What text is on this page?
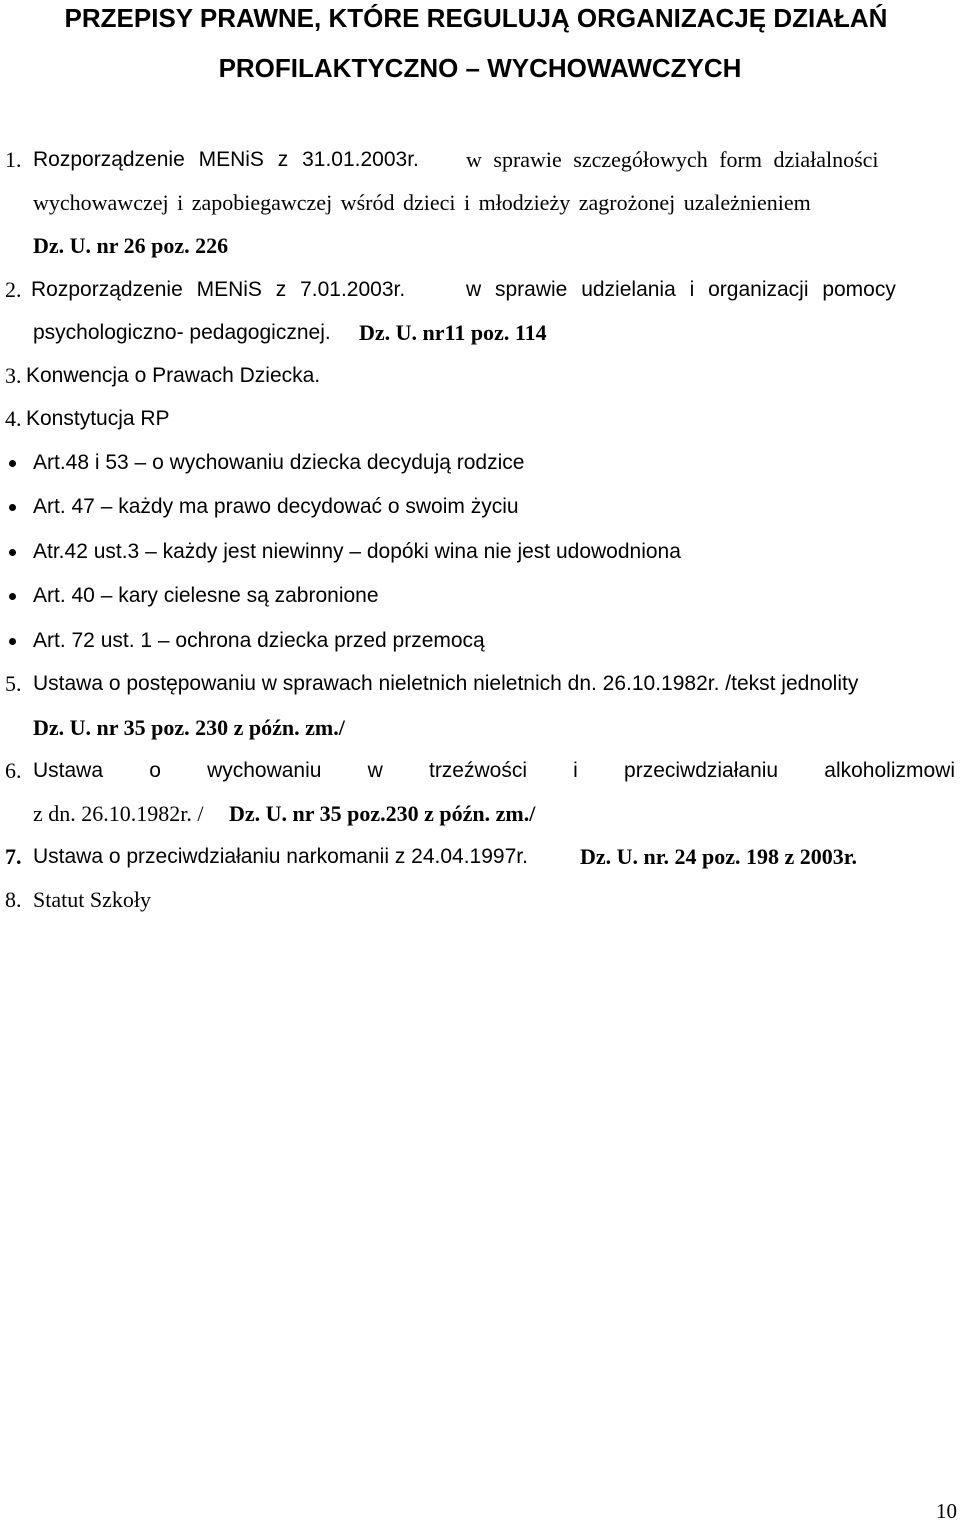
PRZEPISY PRAWNE, KTÓRE REGULUJĄ ORGANIZACJĘ DZIAŁAŃ
PROFILAKTYCZNO – WYCHOWAWCZYCH
1. Rozporządzenie MENiS z 31.01.2003r. w sprawie szczegółowych form działalności
wychowawczej i zapobiegawczej wśród dzieci i młodzieży zagrożonej uzależnieniem
Dz. U. nr 26 poz. 226
2. Rozporządzenie MENiS z 7.01.2003r.	w sprawie udzielania i organizacji pomocy
psychologiczno- pedagogicznej. Dz. U. nr11 poz. 114
3. Konwencja o Prawach Dziecka.
4. Konstytucja RP
Art.48 i 53 – o wychowaniu dziecka decydują rodzice
Art. 47 – każdy ma prawo decydować o swoim życiu
Atr.42 ust.3 – każdy jest niewinny – dopóki wina nie jest udowodniona
Art. 40 – kary cielesne są zabronione
Art. 72 ust. 1 – ochrona dziecka przed przemocą
5. Ustawa o postępowaniu w sprawach nieletnich nieletnich dn. 26.10.1982r. /tekst jednolity
Dz. U. nr 35 poz. 230 z późn. zm./
6. Ustawa o wychowaniu w trzeźwości i przeciwdziałaniu alkoholizmowi
z dn. 26.10.1982r. / Dz. U. nr 35 poz.230 z późn. zm./
7. Ustawa o przeciwdziałaniu narkomanii z 24.04.1997r. Dz. U. nr. 24 poz. 198 z 2003r.
8. Statut Szkoły
10
